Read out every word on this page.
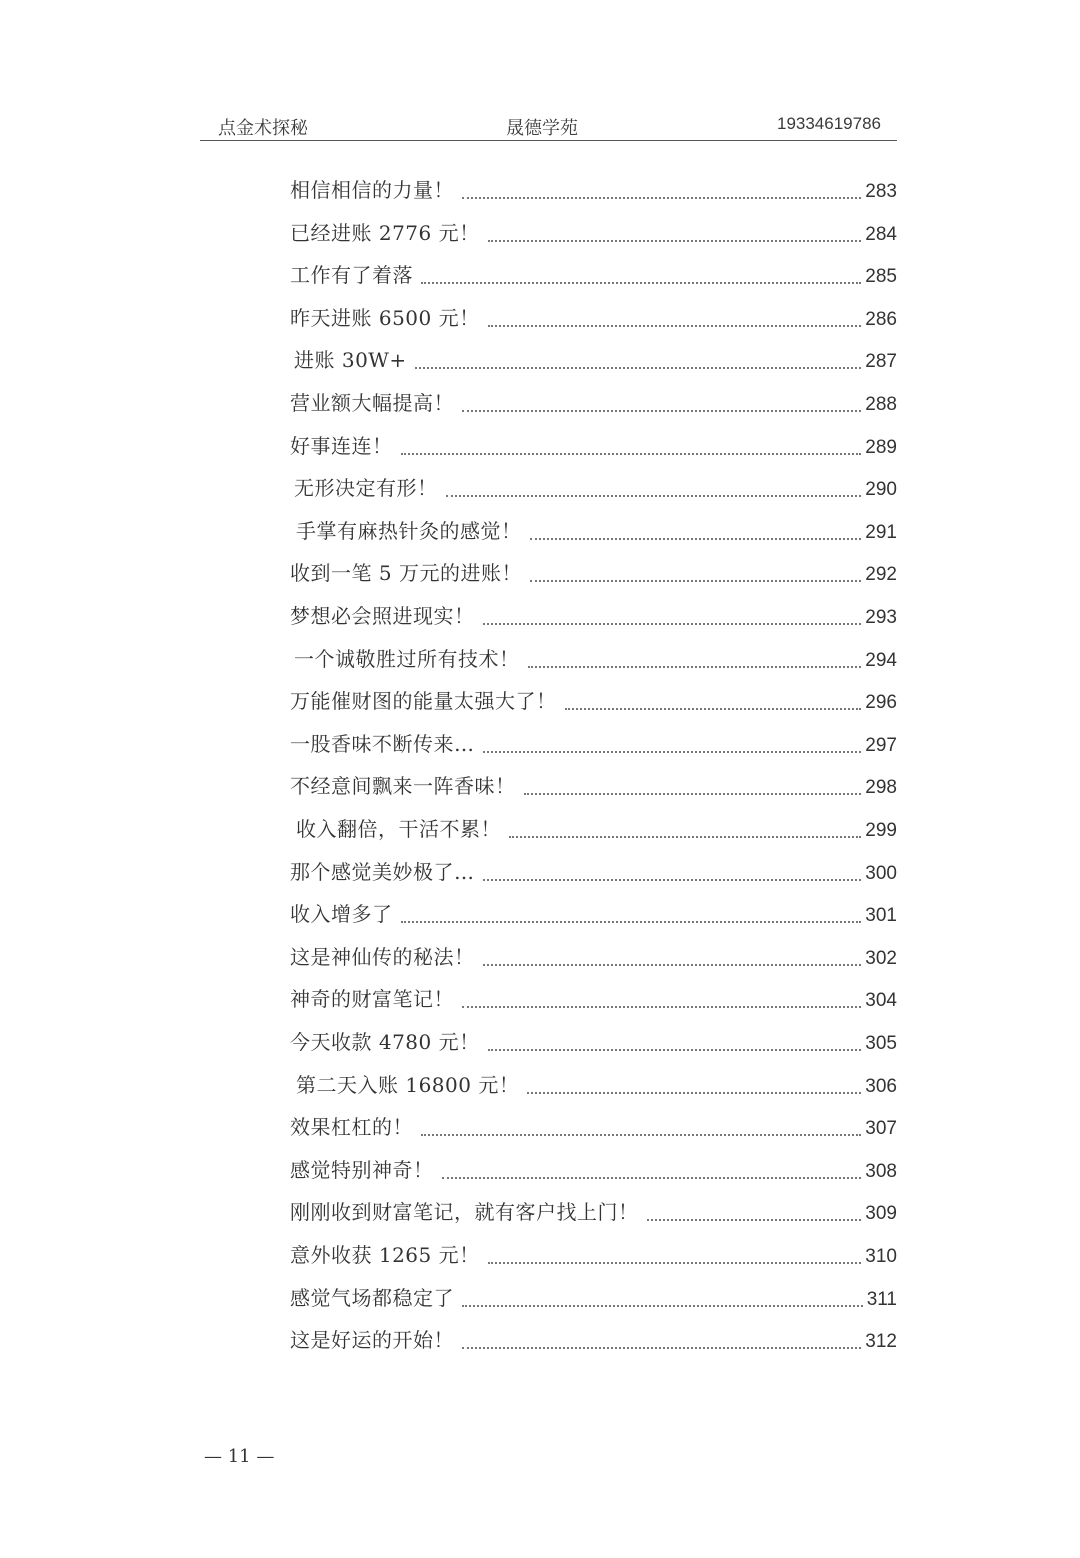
点金术探秘	晟德学苑	19334619786
相信相信的力量！	283
已经进账 2776 元！	284
工作有了着落	285
昨天进账 6500 元！	286
进账 30W+	287
营业额大幅提高！	288
好事连连！	289
无形决定有形！	290
手掌有麻热针灸的感觉！	291
收到一笔 5 万元的进账！	292
梦想必会照进现实！	293
一个诚敬胜过所有技术！	294
万能催财图的能量太强大了！	296
一股香味不断传来…	297
不经意间飘来一阵香味！	298
收入翻倍，干活不累！	299
那个感觉美妙极了…	300
收入增多了	301
这是神仙传的秘法！	302
神奇的财富笔记！	304
今天收款 4780 元！	305
第二天入账 16800 元！	306
效果杠杠的！	307
感觉特别神奇！	308
刚刚收到财富笔记，就有客户找上门！	309
意外收获 1265 元！	310
感觉气场都稳定了	311
这是好运的开始！	312
— 11 —
